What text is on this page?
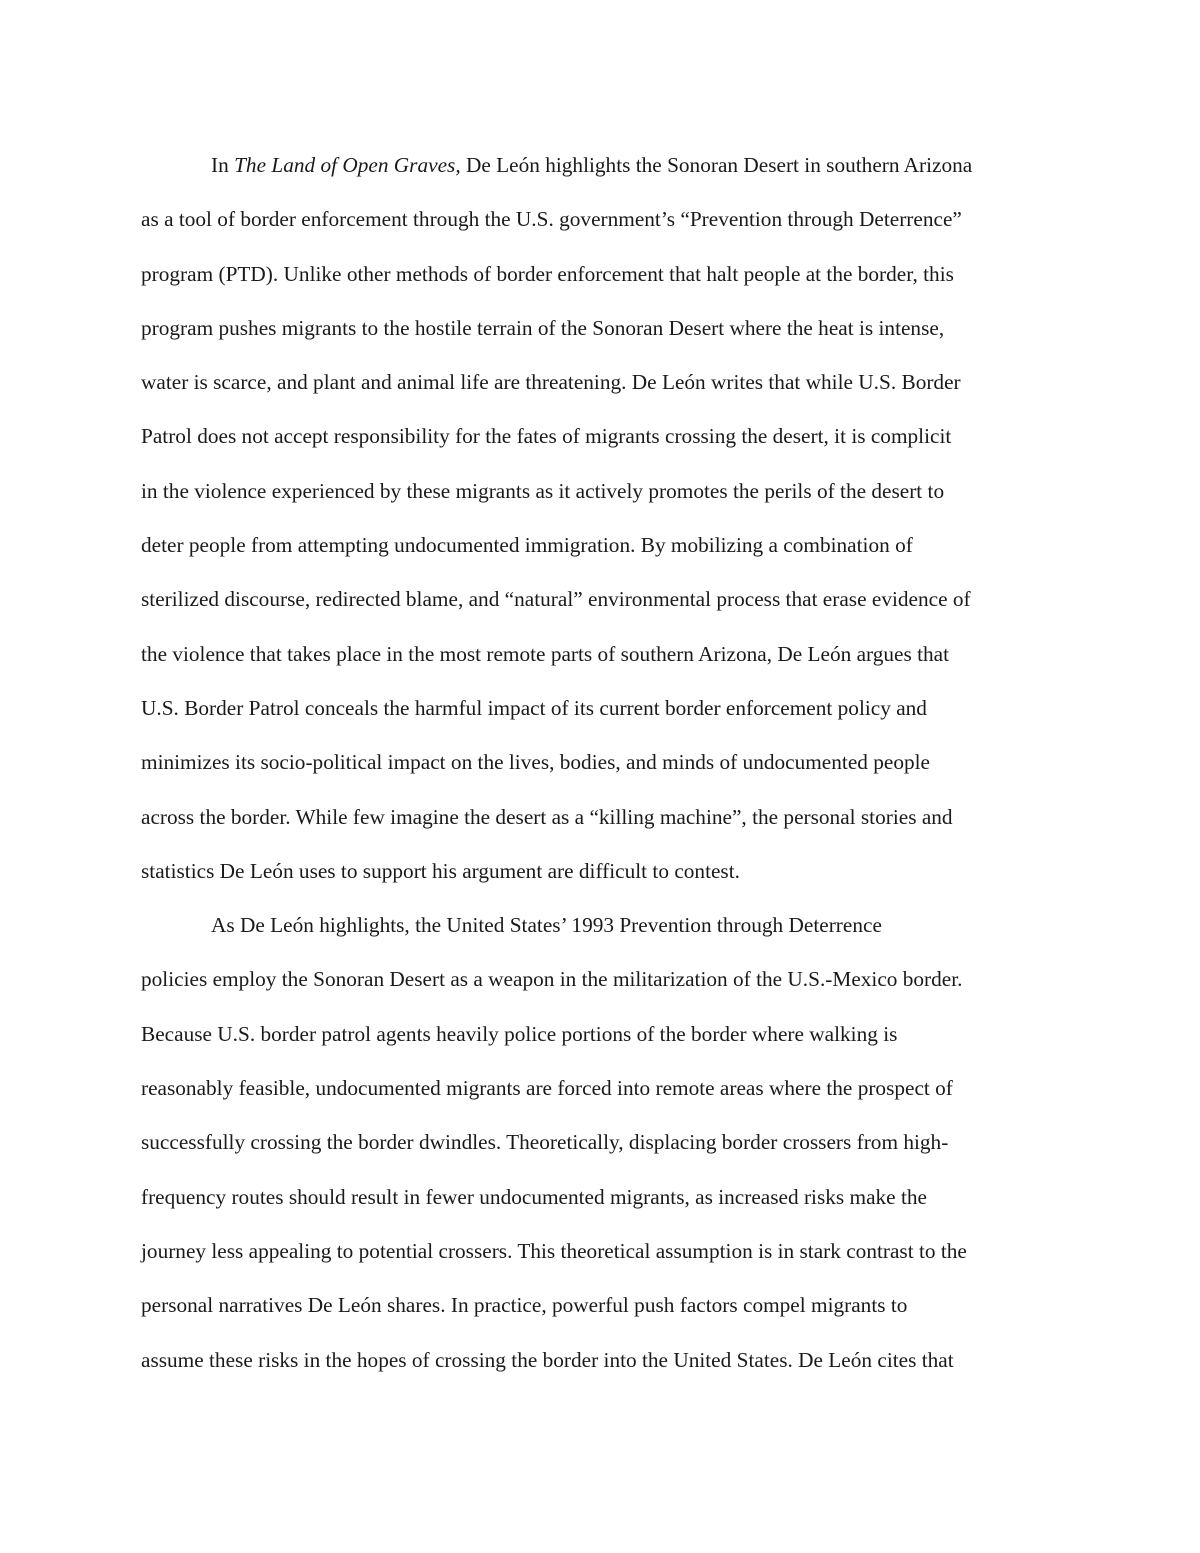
In The Land of Open Graves, De León highlights the Sonoran Desert in southern Arizona
as a tool of border enforcement through the U.S. government’s “Prevention through Deterrence”
program (PTD). Unlike other methods of border enforcement that halt people at the border, this
program pushes migrants to the hostile terrain of the Sonoran Desert where the heat is intense,
water is scarce, and plant and animal life are threatening. De León writes that while U.S. Border
Patrol does not accept responsibility for the fates of migrants crossing the desert, it is complicit
in the violence experienced by these migrants as it actively promotes the perils of the desert to
deter people from attempting undocumented immigration. By mobilizing a combination of
sterilized discourse, redirected blame, and “natural” environmental process that erase evidence of
the violence that takes place in the most remote parts of southern Arizona, De León argues that
U.S. Border Patrol conceals the harmful impact of its current border enforcement policy and
minimizes its socio-political impact on the lives, bodies, and minds of undocumented people
across the border. While few imagine the desert as a “killing machine”, the personal stories and
statistics De León uses to support his argument are difficult to contest.
As De León highlights, the United States’ 1993 Prevention through Deterrence
policies employ the Sonoran Desert as a weapon in the militarization of the U.S.-Mexico border.
Because U.S. border patrol agents heavily police portions of the border where walking is
reasonably feasible, undocumented migrants are forced into remote areas where the prospect of
successfully crossing the border dwindles. Theoretically, displacing border crossers from high-
frequency routes should result in fewer undocumented migrants, as increased risks make the
journey less appealing to potential crossers. This theoretical assumption is in stark contrast to the
personal narratives De León shares. In practice, powerful push factors compel migrants to
assume these risks in the hopes of crossing the border into the United States. De León cites that
